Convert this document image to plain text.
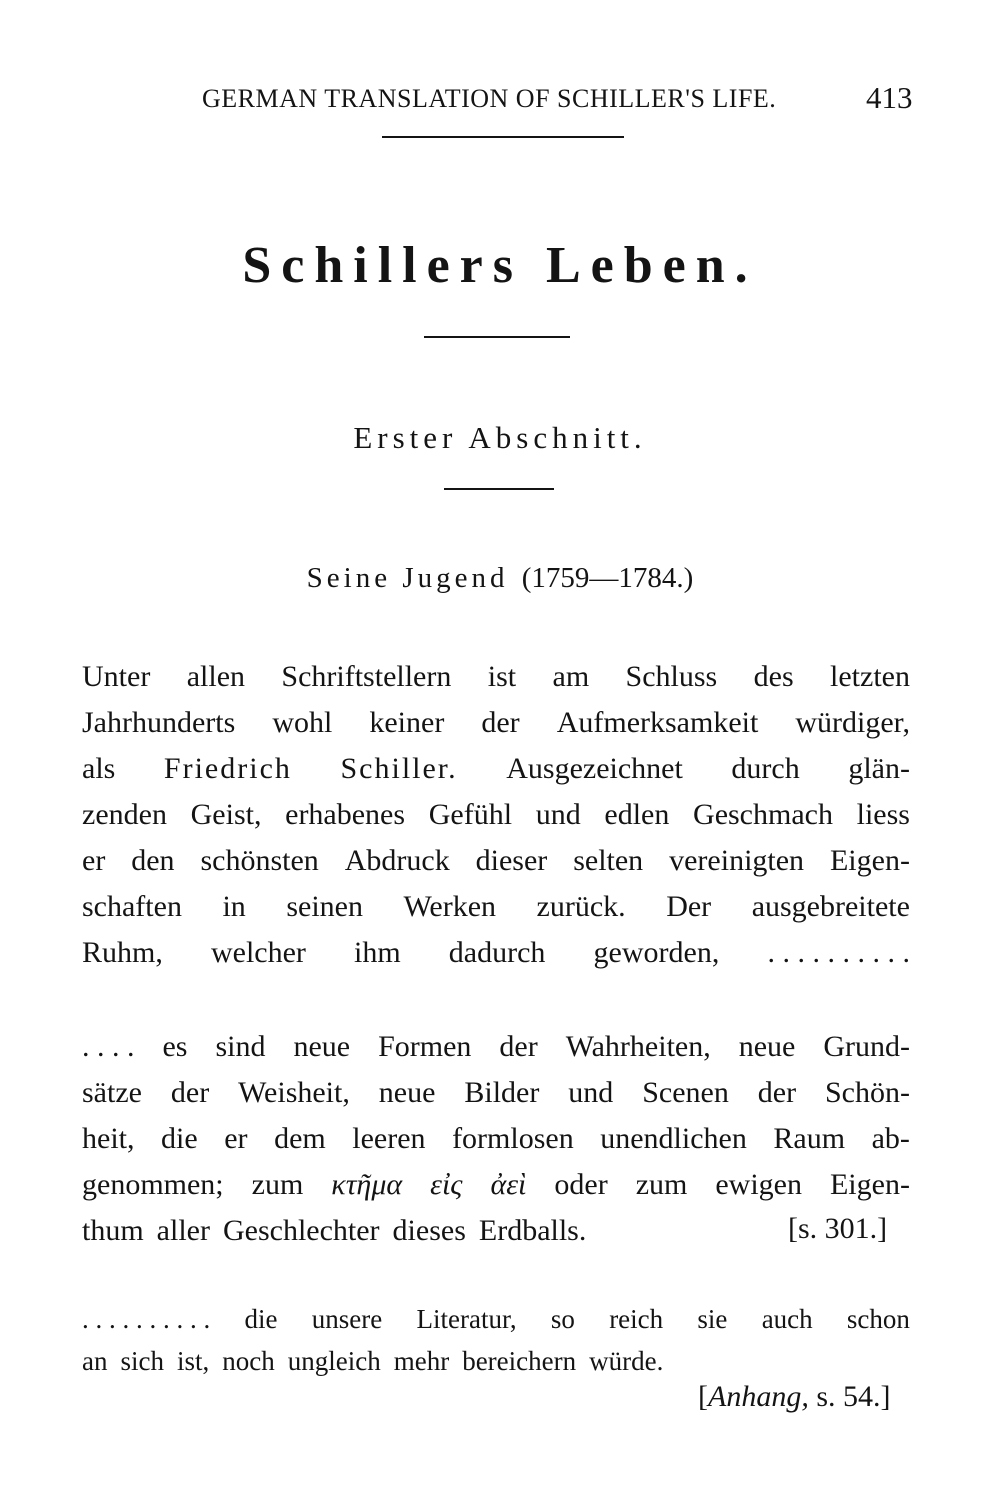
GERMAN TRANSLATION OF SCHILLER'S LIFE.	413
Schillers Leben.
Erster Abschnitt.
Seine Jugend (1759—1784.)
Unter allen Schriftstellern ist am Schluss des letzten
Jahrhunderts wohl keiner der Aufmerksamkeit würdiger,
als Friedrich Schiller. Ausgezeichnet durch glän-
zenden Geist, erhabenes Gefühl und edlen Geschmach liess
er den schönsten Abdruck dieser selten vereinigten Eigen-
schaften in seinen Werken zurück. Der ausgebreitete
Ruhm, welcher ihm dadurch geworden, . . . . . . . . . .
. . . . es sind neue Formen der Wahrheiten, neue Grund-
sätze der Weisheit, neue Bilder und Scenen der Schön-
heit, die er dem leeren formlosen unendlichen Raum ab-
genommen; zum κτῆμα εἰς ἀεὶ oder zum ewigen Eigen-
thum aller Geschlechter dieses Erdballs.	[s. 301.]
. . . . . . . . . . die unsere Literatur, so reich sie auch schon
an sich ist, noch ungleich mehr bereichern würde.
[Anhang, s. 54.]
